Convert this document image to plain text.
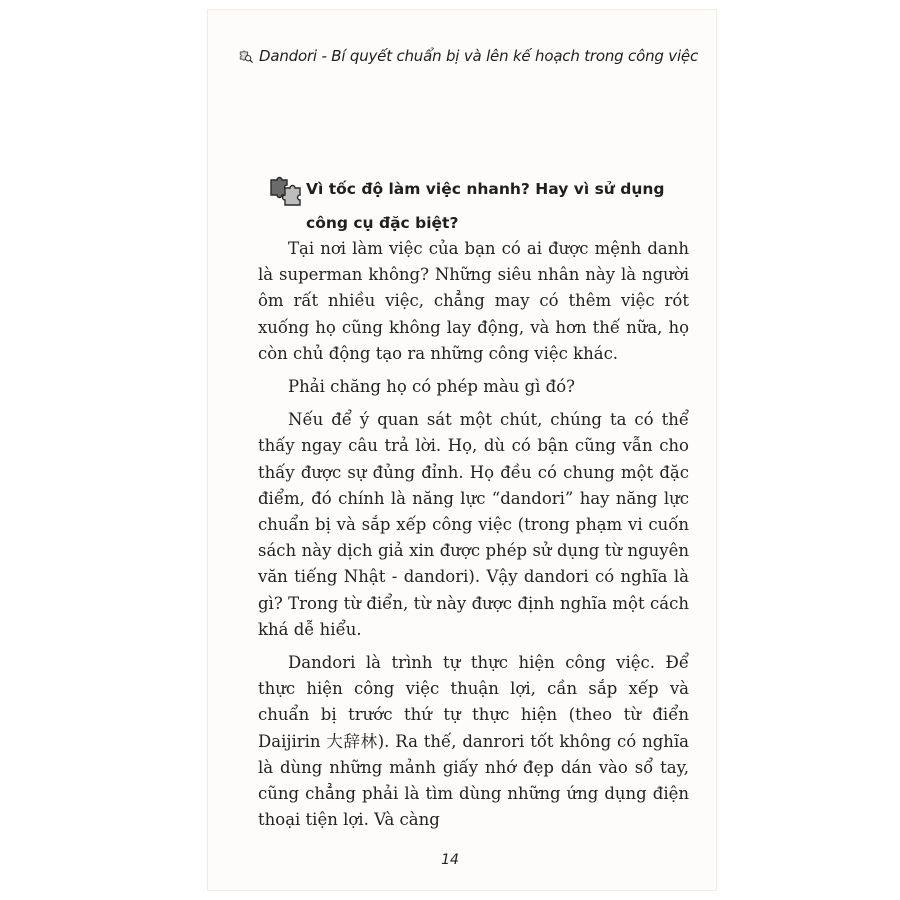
Dandori - Bí quyết chuẩn bị và lên kế hoạch trong công việc
Vì tốc độ làm việc nhanh? Hay vì sử dụng công cụ đặc biệt?

Tại nơi làm việc của bạn có ai được mệnh danh là superman không? Những siêu nhân này là người ôm rất nhiều việc, chẳng may có thêm việc rót xuống họ cũng không lay động, và hơn thế nữa, họ còn chủ động tạo ra những công việc khác.

Phải chăng họ có phép màu gì đó?

Nếu để ý quan sát một chút, chúng ta có thể thấy ngay câu trả lời. Họ, dù có bận cũng vẫn cho thấy được sự đủng đỉnh. Họ đều có chung một đặc điểm, đó chính là năng lực “dandori” hay năng lực chuẩn bị và sắp xếp công việc (trong phạm vi cuốn sách này dịch giả xin được phép sử dụng từ nguyên văn tiếng Nhật - dandori). Vậy dandori có nghĩa là gì? Trong từ điển, từ này được định nghĩa một cách khá dễ hiểu.

Dandori là trình tự thực hiện công việc. Để thực hiện công việc thuận lợi, cần sắp xếp và chuẩn bị trước thứ tự thực hiện (theo từ điển Daijirin 大辞林). Ra thế, danrori tốt không có nghĩa là dùng những mảnh giấy nhớ đẹp dán vào sổ tay, cũng chẳng phải là tìm dùng những ứng dụng điện thoại tiện lợi. Và càng

14
